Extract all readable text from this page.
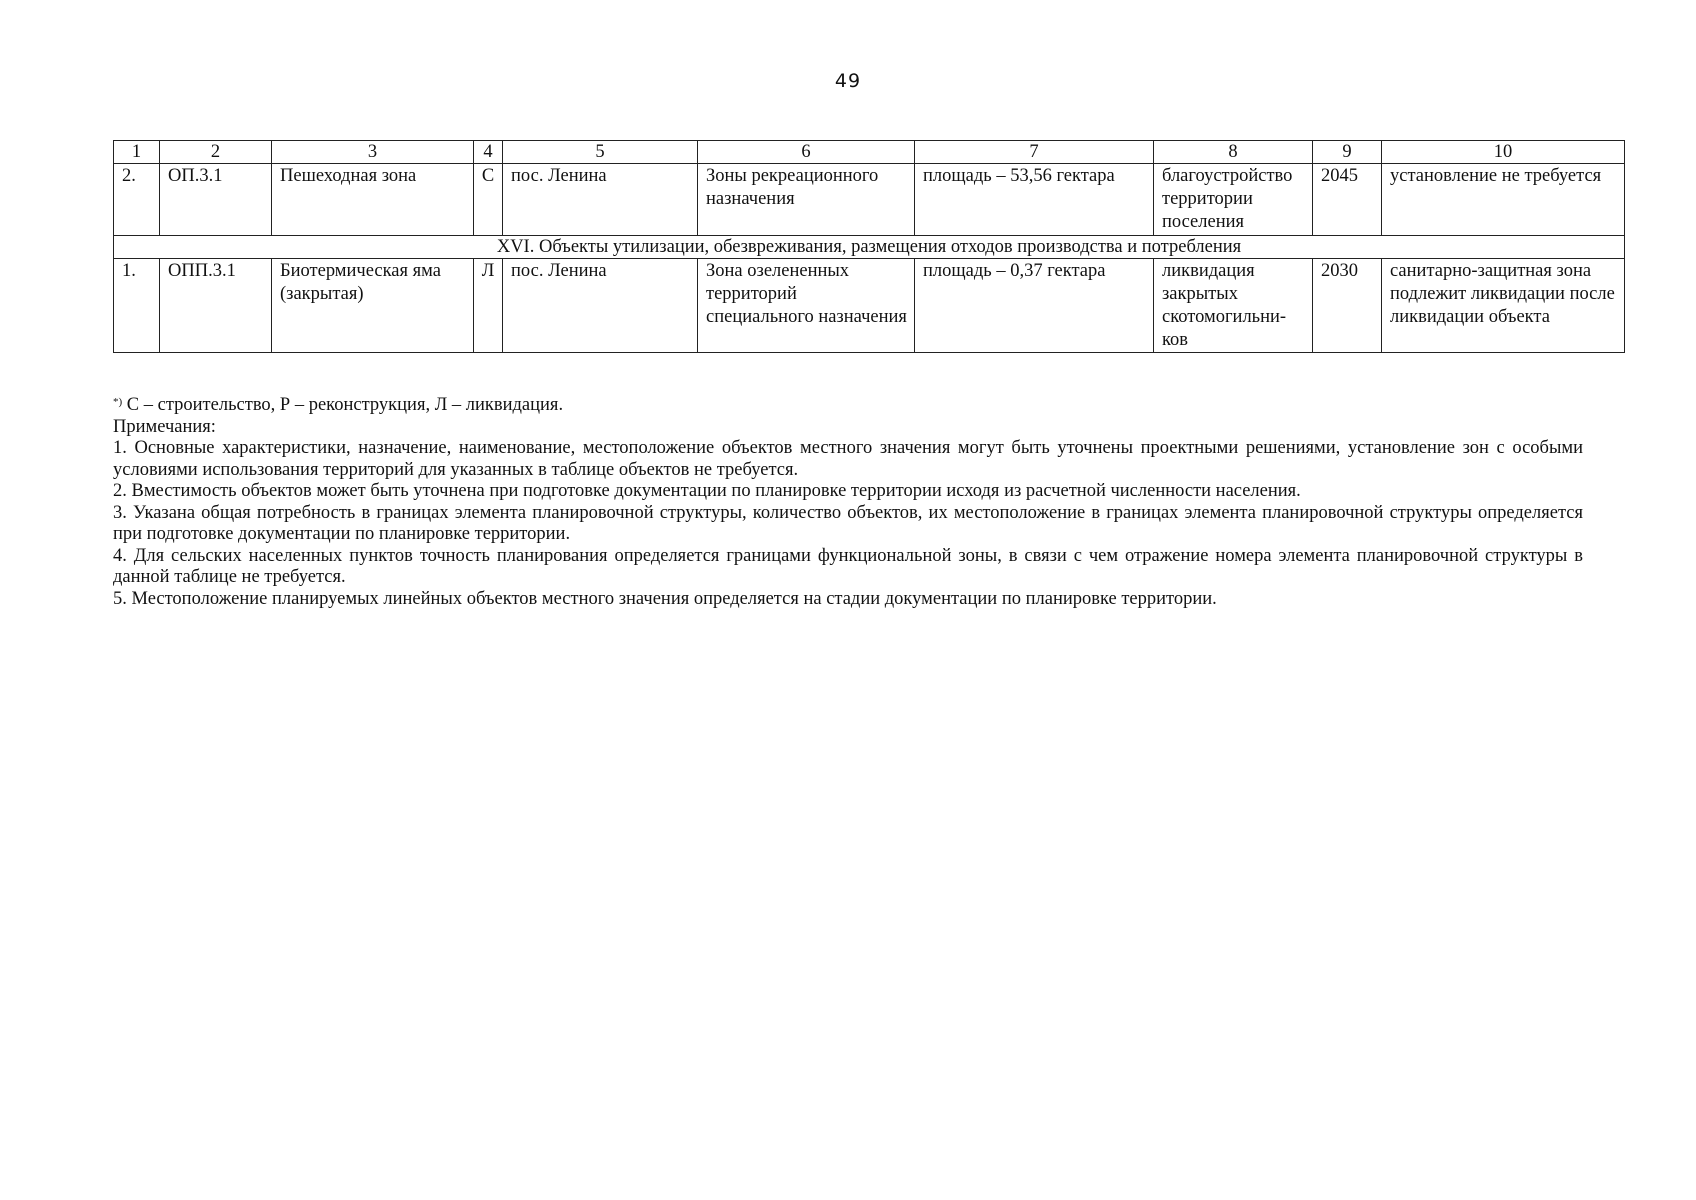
49
1	2	3	4	5	6	7	8	9	10
2.	ОП.3.1	Пешеходная зона	С	пос. Ленина	Зоны рекреационного назначения	площадь – 53,56 гектара	благоустройство территории поселения	2045	установление не требуется
XVI. Объекты утилизации, обезвреживания, размещения отходов производства и потребления									
1.	ОПП.3.1	Биотермическая яма (закрытая)	Л	пос. Ленина	Зона озелененных территорий специального назначения	площадь – 0,37 гектара	ликвидация закрытых скотомогильни-ков	2030	санитарно-защитная зона подлежит ликвидации после ликвидации объекта

*) С – строительство, Р – реконструкция, Л – ликвидация.

Примечания:

1. Основные характеристики, назначение, наименование, местоположение объектов местного значения могут быть уточнены проектными решениями, установление зон с особыми условиями использования территорий для указанных в таблице объектов не требуется.

2. Вместимость объектов может быть уточнена при подготовке документации по планировке территории исходя из расчетной численности населения.

3. Указана общая потребность в границах элемента планировочной структуры, количество объектов, их местоположение в границах элемента планировочной структуры определяется при подготовке документации по планировке территории.

4. Для сельских населенных пунктов точность планирования определяется границами функциональной зоны, в связи с чем отражение номера элемента планировочной структуры в данной таблице не требуется.

5. Местоположение планируемых линейных объектов местного значения определяется на стадии документации по планировке территории.
